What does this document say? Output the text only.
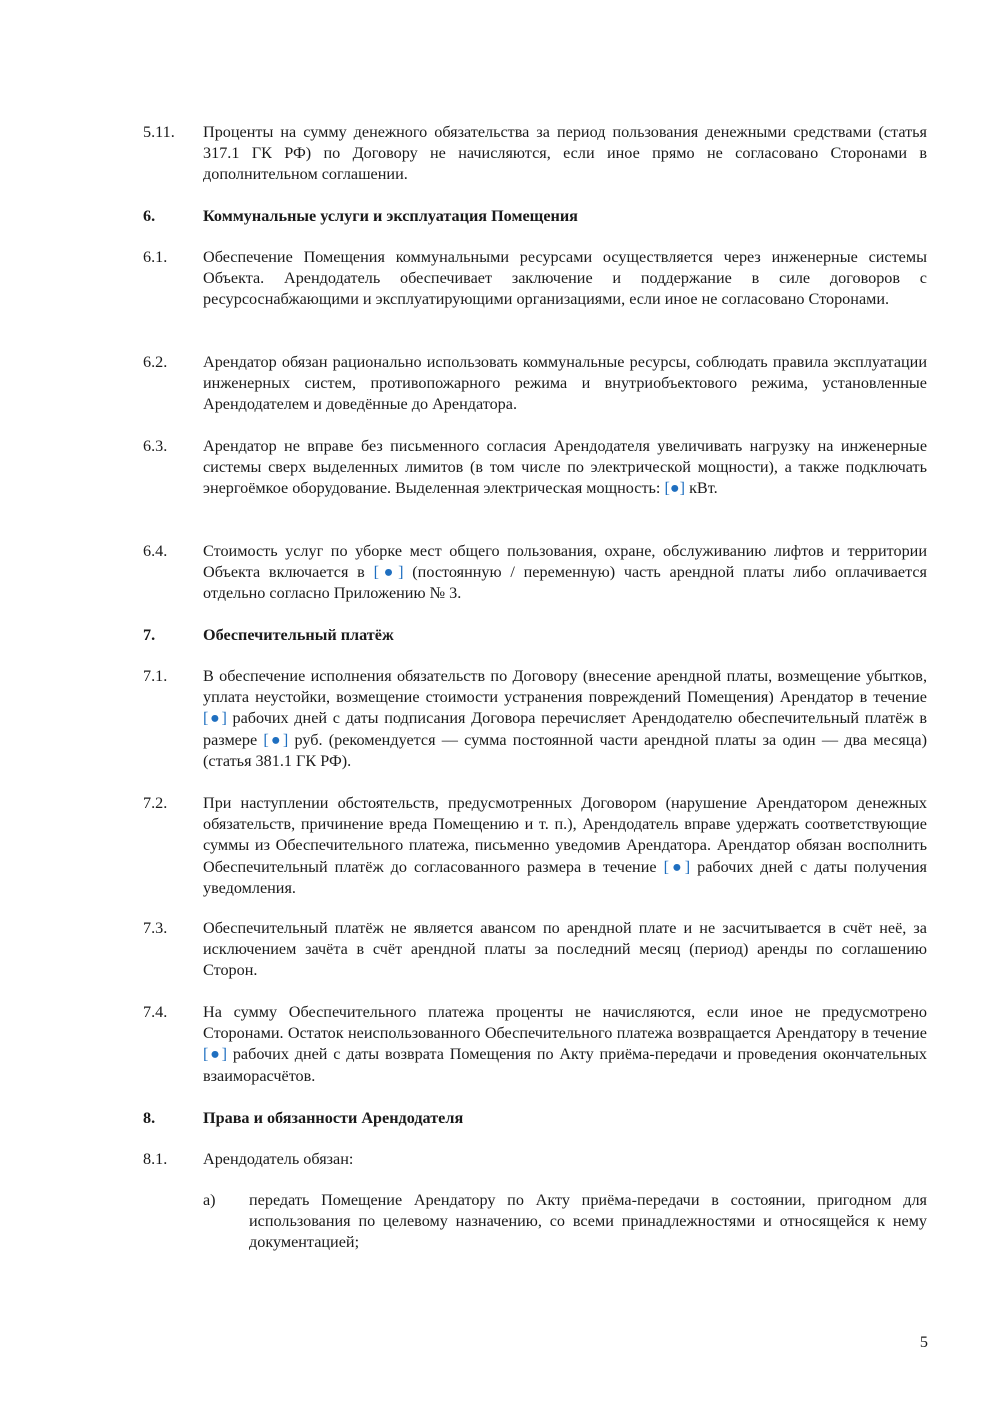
5.11.	Проценты на сумму денежного обязательства за период пользования денежными средствами (статья 317.1 ГК РФ) по Договору не начисляются, если иное прямо не согласовано Сторонами в дополнительном соглашении.
6.	Коммунальные услуги и эксплуатация Помещения
6.1.	Обеспечение Помещения коммунальными ресурсами осуществляется через инженерные системы Объекта. Арендодатель обеспечивает заключение и поддержание в силе договоров с ресурсоснабжающими и эксплуатирующими организациями, если иное не согласовано Сторонами.
6.2.	Арендатор обязан рационально использовать коммунальные ресурсы, соблюдать правила эксплуатации инженерных систем, противопожарного режима и внутриобъектового режима, установленные Арендодателем и доведённые до Арендатора.
6.3.	Арендатор не вправе без письменного согласия Арендодателя увеличивать нагрузку на инженерные системы сверх выделенных лимитов (в том числе по электрической мощности), а также подключать энергоёмкое оборудование. Выделенная электрическая мощность: [●] кВт.
6.4.	Стоимость услуг по уборке мест общего пользования, охране, обслуживанию лифтов и территории Объекта включается в [●] (постоянную / переменную) часть арендной платы либо оплачивается отдельно согласно Приложению № 3.
7.	Обеспечительный платёж
7.1.	В обеспечение исполнения обязательств по Договору (внесение арендной платы, возмещение убытков, уплата неустойки, возмещение стоимости устранения повреждений Помещения) Арендатор в течение [●] рабочих дней с даты подписания Договора перечисляет Арендодателю обеспечительный платёж в размере [●] руб. (рекомендуется — сумма постоянной части арендной платы за один — два месяца) (статья 381.1 ГК РФ).
7.2.	При наступлении обстоятельств, предусмотренных Договором (нарушение Арендатором денежных обязательств, причинение вреда Помещению и т. п.), Арендодатель вправе удержать соответствующие суммы из Обеспечительного платежа, письменно уведомив Арендатора. Арендатор обязан восполнить Обеспечительный платёж до согласованного размера в течение [●] рабочих дней с даты получения уведомления.
7.3.	Обеспечительный платёж не является авансом по арендной плате и не засчитывается в счёт неё, за исключением зачёта в счёт арендной платы за последний месяц (период) аренды по соглашению Сторон.
7.4.	На сумму Обеспечительного платежа проценты не начисляются, если иное не предусмотрено Сторонами. Остаток неиспользованного Обеспечительного платежа возвращается Арендатору в течение [●] рабочих дней с даты возврата Помещения по Акту приёма-передачи и проведения окончательных взаиморасчётов.
8.	Права и обязанности Арендодателя
8.1.	Арендодатель обязан:
a)	передать Помещение Арендатору по Акту приёма-передачи в состоянии, пригодном для использования по целевому назначению, со всеми принадлежностями и относящейся к нему документацией;
5
